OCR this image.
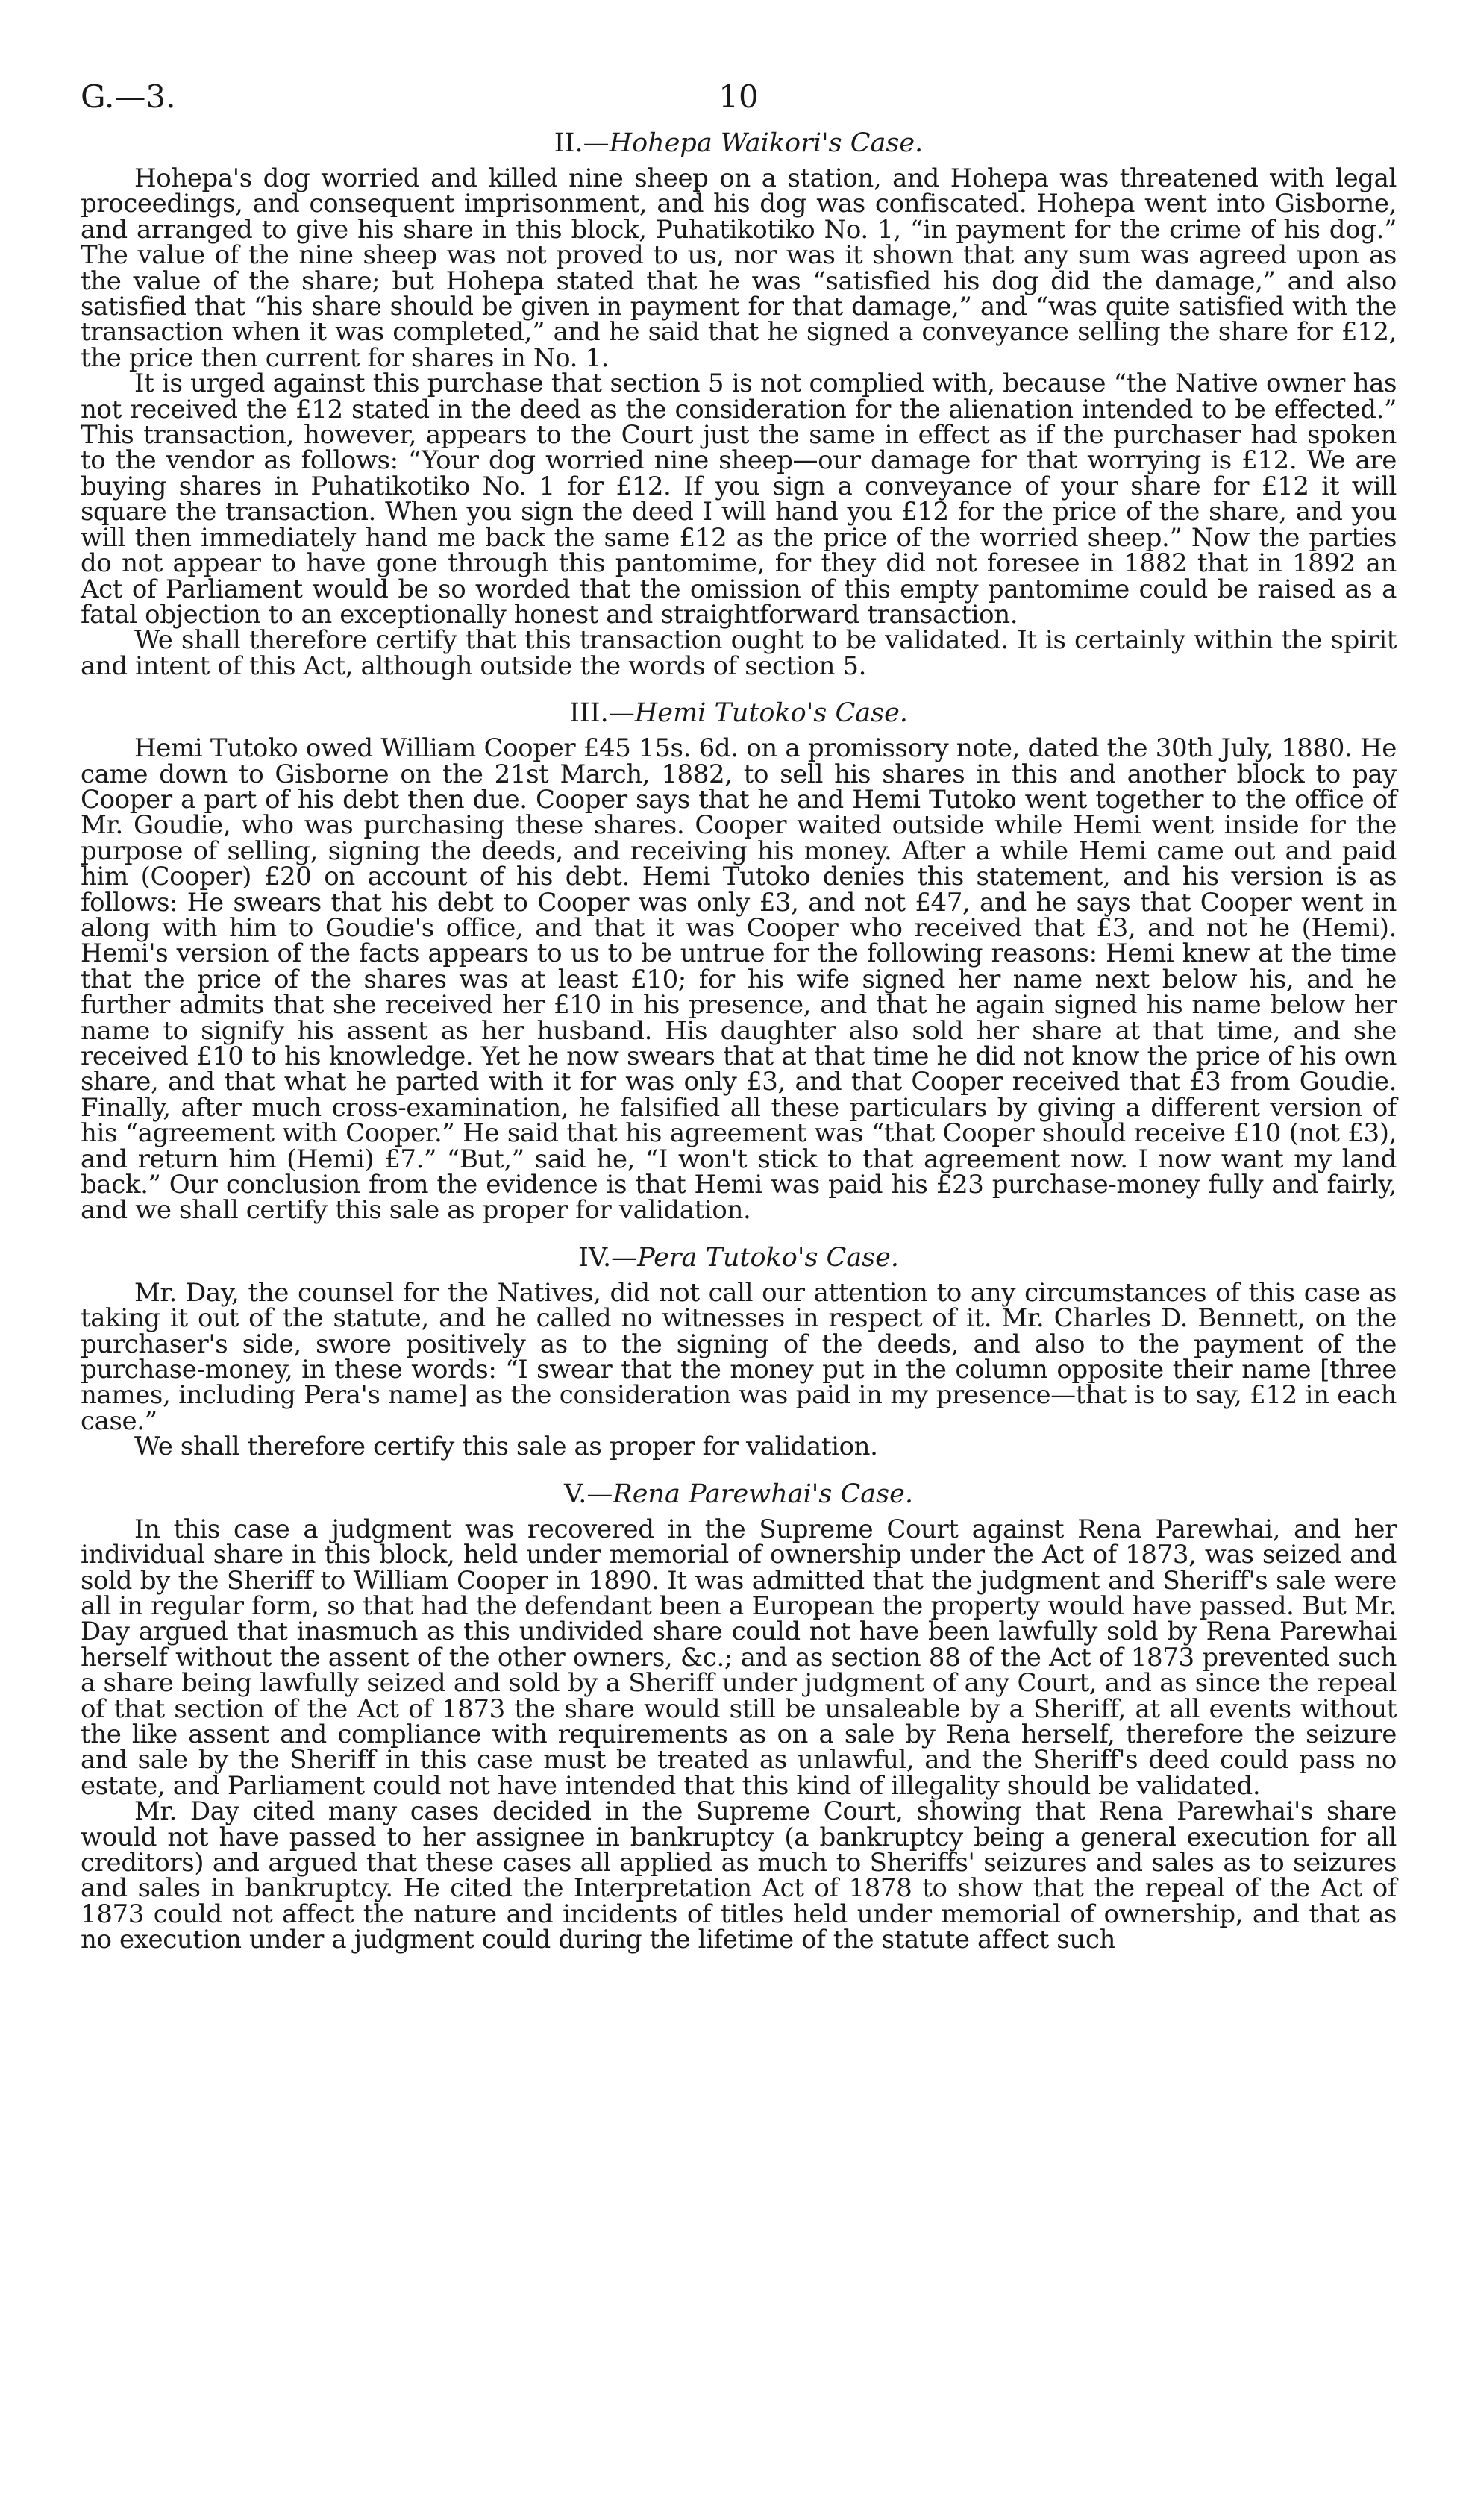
G.—3.	10
II.—Hohepa Waikori's Case.

Hohepa's dog worried and killed nine sheep on a station, and Hohepa was threatened with legal proceedings, and consequent imprisonment, and his dog was confiscated. Hohepa went into Gisborne, and arranged to give his share in this block, Puhatikotiko No. 1, “in payment for the crime of his dog.” The value of the nine sheep was not proved to us, nor was it shown that any sum was agreed upon as the value of the share; but Hohepa stated that he was “satisfied his dog did the damage,” and also satisfied that “his share should be given in payment for that damage,” and “was quite satisfied with the transaction when it was completed,” and he said that he signed a conveyance selling the share for £12, the price then current for shares in No. 1.

It is urged against this purchase that section 5 is not complied with, because “the Native owner has not received the £12 stated in the deed as the consideration for the alienation intended to be effected.” This transaction, however, appears to the Court just the same in effect as if the purchaser had spoken to the vendor as follows: “Your dog worried nine sheep—our damage for that worrying is £12. We are buying shares in Puhatikotiko No. 1 for £12. If you sign a conveyance of your share for £12 it will square the transaction. When you sign the deed I will hand you £12 for the price of the share, and you will then immediately hand me back the same £12 as the price of the worried sheep.” Now the parties do not appear to have gone through this pantomime, for they did not foresee in 1882 that in 1892 an Act of Parliament would be so worded that the omission of this empty pantomime could be raised as a fatal objection to an exceptionally honest and straightforward transaction.

We shall therefore certify that this transaction ought to be validated. It is certainly within the spirit and intent of this Act, although outside the words of section 5.

III.—Hemi Tutoko's Case.

Hemi Tutoko owed William Cooper £45 15s. 6d. on a promissory note, dated the 30th July, 1880. He came down to Gisborne on the 21st March, 1882, to sell his shares in this and another block to pay Cooper a part of his debt then due. Cooper says that he and Hemi Tutoko went together to the office of Mr. Goudie, who was purchasing these shares. Cooper waited outside while Hemi went inside for the purpose of selling, signing the deeds, and receiving his money. After a while Hemi came out and paid him (Cooper) £20 on account of his debt. Hemi Tutoko denies this statement, and his version is as follows: He swears that his debt to Cooper was only £3, and not £47, and he says that Cooper went in along with him to Goudie's office, and that it was Cooper who received that £3, and not he (Hemi). Hemi's version of the facts appears to us to be untrue for the following reasons: Hemi knew at the time that the price of the shares was at least £10; for his wife signed her name next below his, and he further admits that she received her £10 in his presence, and that he again signed his name below her name to signify his assent as her husband. His daughter also sold her share at that time, and she received £10 to his knowledge. Yet he now swears that at that time he did not know the price of his own share, and that what he parted with it for was only £3, and that Cooper received that £3 from Goudie. Finally, after much cross-examination, he falsified all these particulars by giving a different version of his “agreement with Cooper.” He said that his agreement was “that Cooper should receive £10 (not £3), and return him (Hemi) £7.” “But,” said he, “I won't stick to that agreement now. I now want my land back.” Our conclusion from the evidence is that Hemi was paid his £23 purchase-money fully and fairly, and we shall certify this sale as proper for validation.

IV.—Pera Tutoko's Case.

Mr. Day, the counsel for the Natives, did not call our attention to any circumstances of this case as taking it out of the statute, and he called no witnesses in respect of it. Mr. Charles D. Bennett, on the purchaser's side, swore positively as to the signing of the deeds, and also to the payment of the purchase-money, in these words: “I swear that the money put in the column opposite their name [three names, including Pera's name] as the consideration was paid in my presence—that is to say, £12 in each case.”

We shall therefore certify this sale as proper for validation.

V.—Rena Parewhai's Case.

In this case a judgment was recovered in the Supreme Court against Rena Parewhai, and her individual share in this block, held under memorial of ownership under the Act of 1873, was seized and sold by the Sheriff to William Cooper in 1890. It was admitted that the judgment and Sheriff's sale were all in regular form, so that had the defendant been a European the property would have passed. But Mr. Day argued that inasmuch as this undivided share could not have been lawfully sold by Rena Parewhai herself without the assent of the other owners, &c.; and as section 88 of the Act of 1873 prevented such a share being lawfully seized and sold by a Sheriff under judgment of any Court, and as since the repeal of that section of the Act of 1873 the share would still be unsaleable by a Sheriff, at all events without the like assent and compliance with requirements as on a sale by Rena herself, therefore the seizure and sale by the Sheriff in this case must be treated as unlawful, and the Sheriff's deed could pass no estate, and Parliament could not have intended that this kind of illegality should be validated.

Mr. Day cited many cases decided in the Supreme Court, showing that Rena Parewhai's share would not have passed to her assignee in bankruptcy (a bankruptcy being a general execution for all creditors) and argued that these cases all applied as much to Sheriffs' seizures and sales as to seizures and sales in bankruptcy. He cited the Interpretation Act of 1878 to show that the repeal of the Act of 1873 could not affect the nature and incidents of titles held under memorial of ownership, and that as no execution under a judgment could during the lifetime of the statute affect such
